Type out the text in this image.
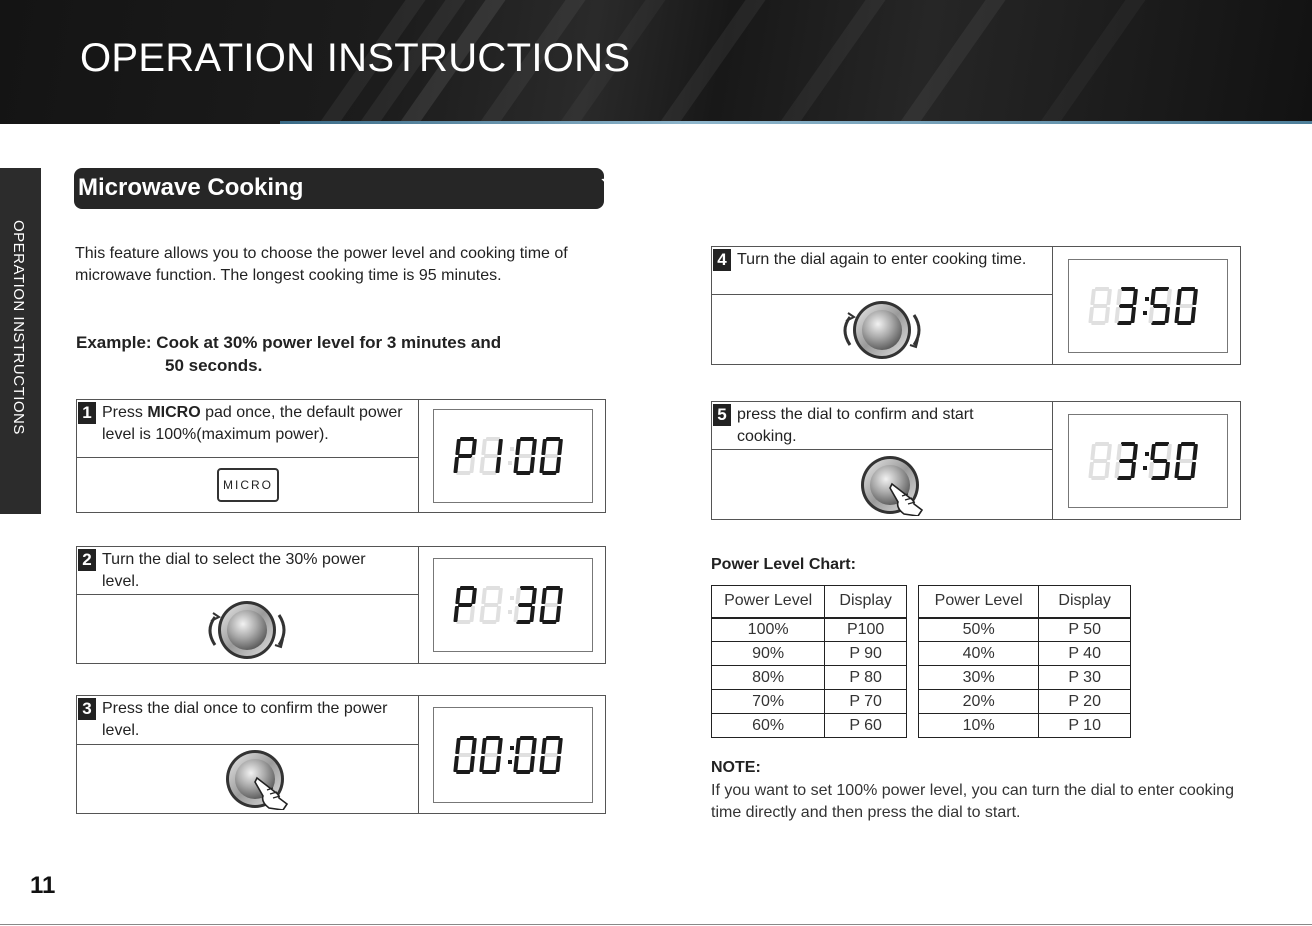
OPERATION INSTRUCTIONS
OPERATION INSTRUCTIONS
Microwave Cooking
This feature allows you to choose the power level and cooking time of microwave function. The longest cooking time is 95 minutes.
Example: Cook at 30% power level for 3 minutes and
50 seconds.
1 Press MICRO pad once, the default power level is 100%(maximum power).
MICRO
2 Turn the dial to select the 30% power level.
3 Press the dial once to confirm the power level.
4 Turn the dial again to enter cooking time.
5 press the dial to confirm and start cooking.
Power Level Chart:
Power Level	Display
100%	P100
90%	P 90
80%	P 80
70%	P 70
60%	P 60
Power Level	Display
50%	P 50
40%	P 40
30%	P 30
20%	P 20
10%	P 10
NOTE:
If you want to set 100% power level, you can turn the dial to enter cooking time directly and then press the dial to start.
11
